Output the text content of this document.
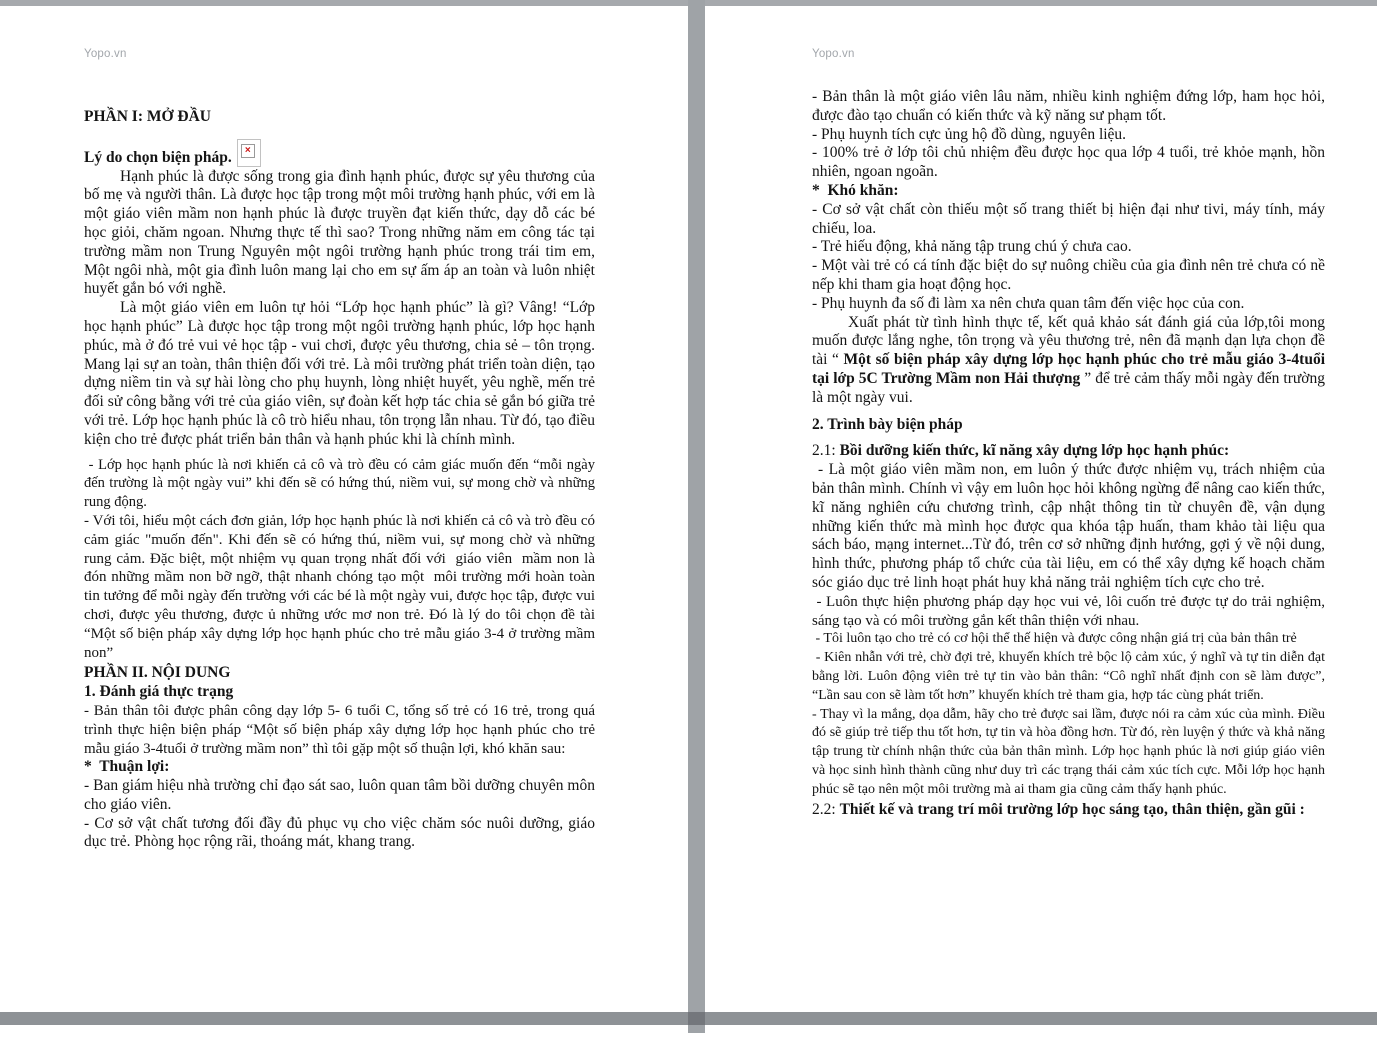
Yopo.vn	Yopo.vn
PHẦN I: MỞ ĐẦU
Lý do chọn biện pháp.	×
Hạnh phúc là được sống trong gia đình hạnh phúc, được sự yêu thương của bố mẹ và người thân. Là được học tập trong một môi trường hạnh phúc, với em là một giáo viên mầm non hạnh phúc là được truyền đạt kiến thức, dạy dỗ các bé học giỏi, chăm ngoan. Nhưng thực tế thì sao? Trong những năm em công tác tại trường mầm non Trung Nguyên một ngôi trường hạnh phúc trong trái tim em, Một ngôi nhà, một gia đình luôn mang lại cho em sự ấm áp an toàn và luôn nhiệt huyết gắn bó với nghề.
Là một giáo viên em luôn tự hỏi “Lớp học hạnh phúc” là gì? Vâng! “Lớp học hạnh phúc” Là được học tập trong một ngôi trường hạnh phúc, lớp học hạnh phúc, mà ở đó trẻ vui vẻ học tập - vui chơi, được yêu thương, chia sẻ – tôn trọng. Mang lại sự an toàn, thân thiện đối với trẻ. Là môi trường phát triển toàn diện, tạo dựng niềm tin và sự hài lòng cho phụ huynh, lòng nhiệt huyết, yêu nghề, mến trẻ đối sử công bằng với trẻ của giáo viên, sự đoàn kết hợp tác chia sẻ gắn bó giữa trẻ với trẻ. Lớp học hạnh phúc là cô trò hiểu nhau, tôn trọng lẫn nhau. Từ đó, tạo điều kiện cho trẻ được phát triển bản thân và hạnh phúc khi là chính mình.
- Lớp học hạnh phúc là nơi khiến cả cô và trò đều có cảm giác muốn đến “mỗi ngày đến trường là một ngày vui” khi đến sẽ có hứng thú, niềm vui, sự mong chờ và những rung động.
- Với tôi, hiểu một cách đơn giản, lớp học hạnh phúc là nơi khiến cả cô và trò đều có cảm giác "muốn đến". Khi đến sẽ có hứng thú, niềm vui, sự mong chờ và những rung cảm. Đặc biệt, một nhiệm vụ quan trọng nhất đối với  giáo viên  mầm non là đón những mầm non bỡ ngỡ, thật nhanh chóng tạo một  môi trường mới hoàn toàn tin tưởng để mỗi ngày đến trường với các bé là một ngày vui, được học tập, được vui chơi, được yêu thương, được ủ những ước mơ non trẻ. Đó là lý do tôi chọn đề tài “Một số biện pháp xây dựng lớp học hạnh phúc cho trẻ mẫu giáo 3-4 ở trường mầm non”
PHẦN II. NỘI DUNG
1. Đánh giá thực trạng
- Bản thân tôi được phân công dạy lớp 5- 6 tuổi C, tổng số trẻ có 16 trẻ, trong quá trình thực hiện biện pháp “Một số biện pháp xây dựng lớp học hạnh phúc cho trẻ mẫu giáo 3-4tuổi ở trường mầm non” thì tôi gặp một số thuận lợi, khó khăn sau:
*  Thuận lợi:
- Ban giám hiệu nhà trường chỉ đạo sát sao, luôn quan tâm bồi dưỡng chuyên môn cho giáo viên.
- Cơ sở vật chất tương đối đầy đủ phục vụ cho việc chăm sóc nuôi dưỡng, giáo dục trẻ. Phòng học rộng rãi, thoáng mát, khang trang.
- Bản thân là một giáo viên lâu năm, nhiều kinh nghiệm đứng lớp, ham học hỏi, được đào tạo chuẩn có kiến thức và kỹ năng sư phạm tốt.
- Phụ huynh tích cực ủng hộ đồ dùng, nguyên liệu.
- 100% trẻ ở lớp tôi chủ nhiệm đều được học qua lớp 4 tuổi, trẻ khỏe mạnh, hồn nhiên, ngoan ngoãn.
*  Khó khăn:
- Cơ sở vật chất còn thiếu một số trang thiết bị hiện đại như tivi, máy tính, máy chiếu, loa.
- Trẻ hiếu động, khả năng tập trung chú ý chưa cao.
- Một vài trẻ có cá tính đặc biệt do sự nuông chiều của gia đình nên trẻ chưa có nề nếp khi tham gia hoạt động học.
- Phụ huynh đa số đi làm xa nên chưa quan tâm đến việc học của con.
Xuất phát từ tình hình thực tế, kết quả khảo sát đánh giá của lớp,tôi mong muốn được lắng nghe, tôn trọng và yêu thương trẻ, nên đã mạnh dạn lựa chọn đề tài “ Một số biện pháp xây dựng lớp học hạnh phúc cho trẻ mẫu giáo 3-4tuổi tại lớp 5C Trường Mầm non Hải thượng ” để trẻ cảm thấy mỗi ngày đến trường là một ngày vui.
2. Trình bày biện pháp
2.1: Bồi dưỡng kiến thức, kĩ năng xây dựng lớp học hạnh phúc:
- Là một giáo viên mầm non, em luôn ý thức được nhiệm vụ, trách nhiệm của bản thân mình. Chính vì vậy em luôn học hỏi không ngừng để nâng cao kiến thức, kĩ năng nghiên cứu chương trình, cập nhật thông tin từ chuyên đề, vận dụng những kiến thức mà mình học được qua khóa tập huấn, tham khảo tài liệu qua sách báo, mạng internet...Từ đó, trên cơ sở những định hướng, gợi ý về nội dung, hình thức, phương pháp tổ chức của tài liệu, em có thể xây dựng kế hoạch chăm sóc giáo dục trẻ linh hoạt phát huy khả năng trải nghiệm tích cực cho trẻ.
- Luôn thực hiện phương pháp dạy học vui vẻ, lôi cuốn trẻ được tự do trải nghiệm, sáng tạo và có môi trường gắn kết thân thiện với nhau.
- Tôi luôn tạo cho trẻ có cơ hội thể thế hiện và được công nhận giá trị của bản thân trẻ
- Kiên nhẫn với trẻ, chờ đợi trẻ, khuyến khích trẻ bộc lộ cảm xúc, ý nghĩ và tự tin diễn đạt bằng lời. Luôn động viên trẻ tự tin vào bản thân: “Cô nghĩ nhất định con sẽ làm được”, “Lần sau con sẽ làm tốt hơn” khuyến khích trẻ tham gia, hợp tác cùng phát triển.
- Thay vì la mắng, dọa dẫm, hãy cho trẻ được sai lầm, được nói ra cảm xúc của mình. Điều đó sẽ giúp trẻ tiếp thu tốt hơn, tự tin và hòa đồng hơn. Từ đó, rèn luyện ý thức và khả năng tập trung từ chính nhận thức của bản thân mình. Lớp học hạnh phúc là nơi giúp giáo viên và học sinh hình thành cũng như duy trì các trạng thái cảm xúc tích cực. Mỗi lớp học hạnh phúc sẽ tạo nên một môi trường mà ai tham gia cũng cảm thấy hạnh phúc.
2.2: Thiết kế và trang trí môi trường lớp học sáng tạo, thân thiện, gần gũi :
